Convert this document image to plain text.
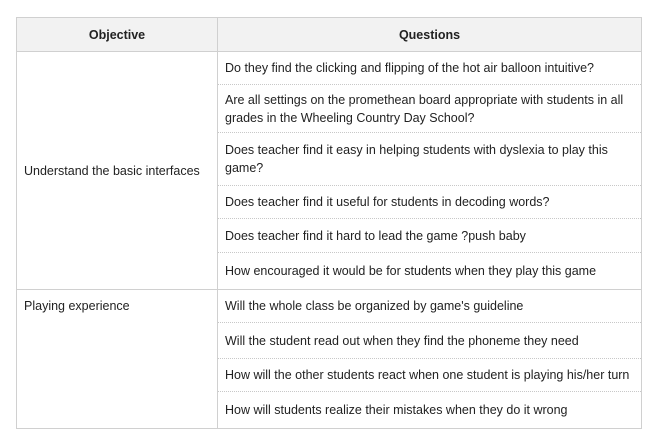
Objective	Questions
Understand the basic interfaces	Do they find the clicking and flipping of the hot air balloon intuitive?
	Are all settings on the promethean board appropriate with students in all grades in the Wheeling Country Day School?
	Does teacher find it easy in helping students with dyslexia to play this game?
	Does teacher find it useful for students in decoding words?
	Does teacher find it hard to lead the game ?push baby
	How encouraged it would be for students when they play this game
Playing experience	Will the whole class be organized by game's guideline
	Will the student read out when they find the phoneme they need
	How will the other students react when one student is playing his/her turn
	How will students realize their mistakes when they do it wrong
